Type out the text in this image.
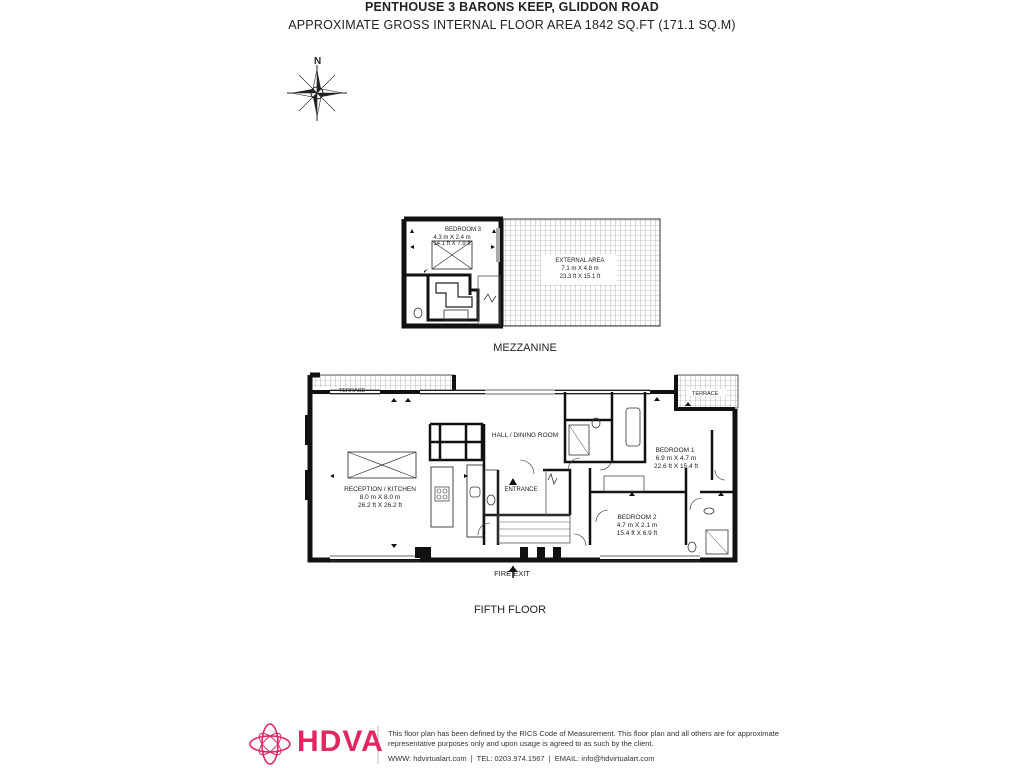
PENTHOUSE 3 BARONS KEEP, GLIDDON ROAD
APPROXIMATE GROSS INTERNAL FLOOR AREA 1842 SQ.FT (171.1 SQ.M)
N
BEDROOM 3
4.3 m X 2.4 m
14.1 ft X 7.9 ft
EXTERNAL AREA
7.1 m X 4.8 m
23.3 ft X 15.1 ft
TERRACE	TERRACE
HALL / DINING ROOM
ENTRANCE
RECEPTION / KITCHEN
8.0 m X 8.0 m
26.2 ft X 26.2 ft
BEDROOM 1
6.9 m X 4.7 m
22.6 ft X 15.4 ft
BEDROOM 2
4.7 m X 2.1 m
15.4 ft X 6.9 ft
FIRE EXIT
MEZZANINE
FIFTH FLOOR
HDVA This floor plan has been defined by the RICS Code of Measurement. This floor plan and all others are for approximate representative purposes only and upon usage is agreed to as such by the client.
WWW: hdvirtualart.com | TEL: 0203.974.1567 | EMAIL: info@hdvirtualart.com
